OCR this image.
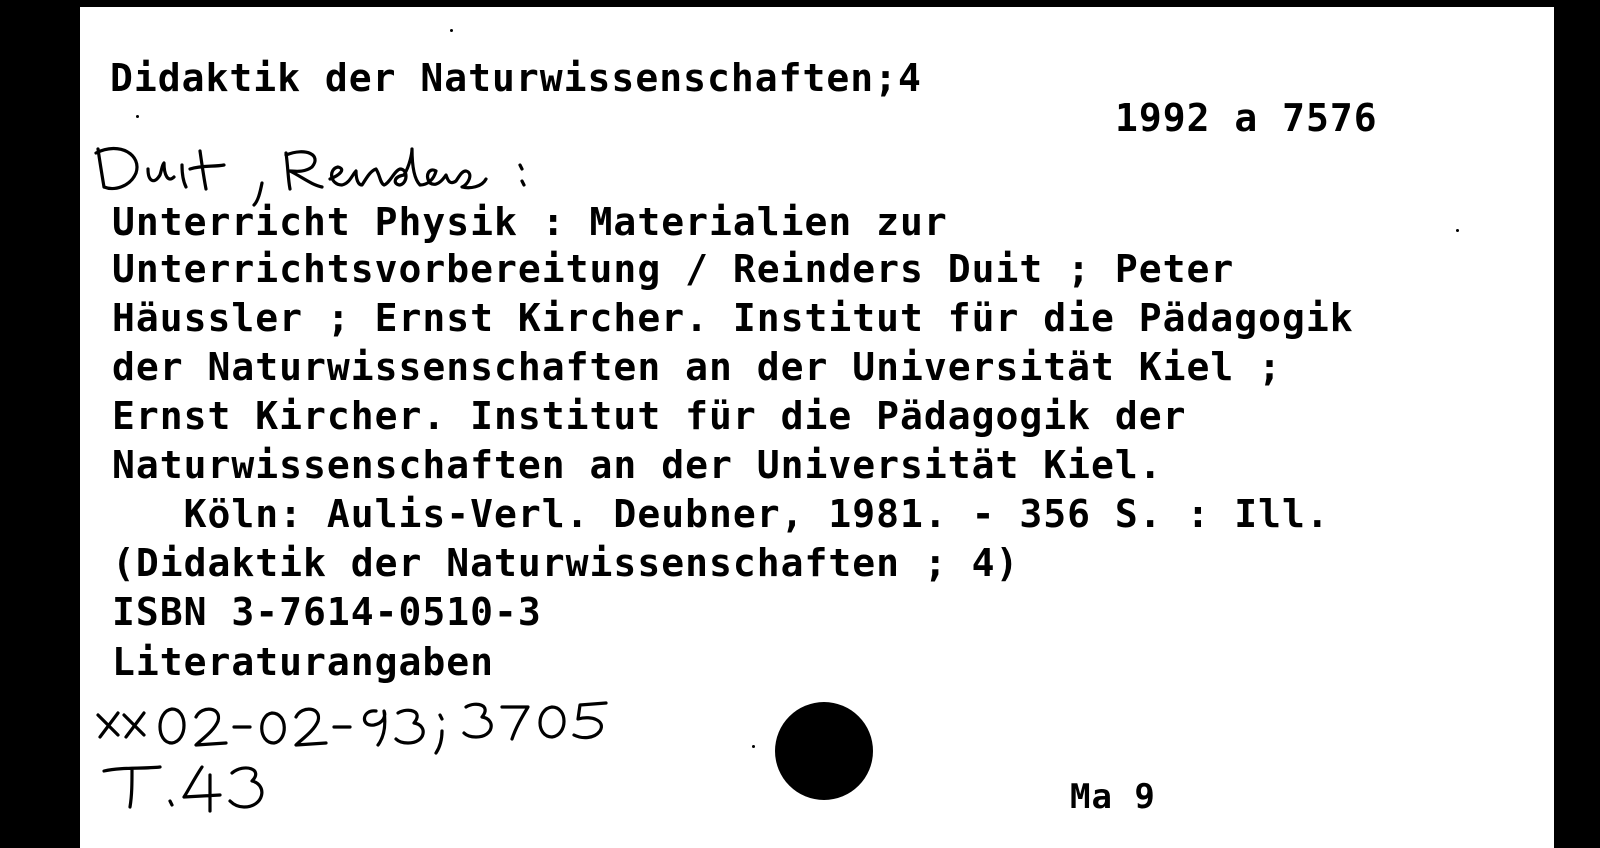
Didaktik der Naturwissenschaften;4
1992 a 7576
Unterricht Physik : Materialien zur
Unterrichtsvorbereitung / Reinders Duit ; Peter
Häussler ; Ernst Kircher. Institut für die Pädagogik
der Naturwissenschaften an der Universität Kiel ;
Ernst Kircher. Institut für die Pädagogik der
Naturwissenschaften an der Universität Kiel.
Köln: Aulis-Verl. Deubner, 1981. - 356 S. : Ill.
(Didaktik der Naturwissenschaften ; 4)
ISBN 3-7614-0510-3
Literaturangaben
Ma 9
